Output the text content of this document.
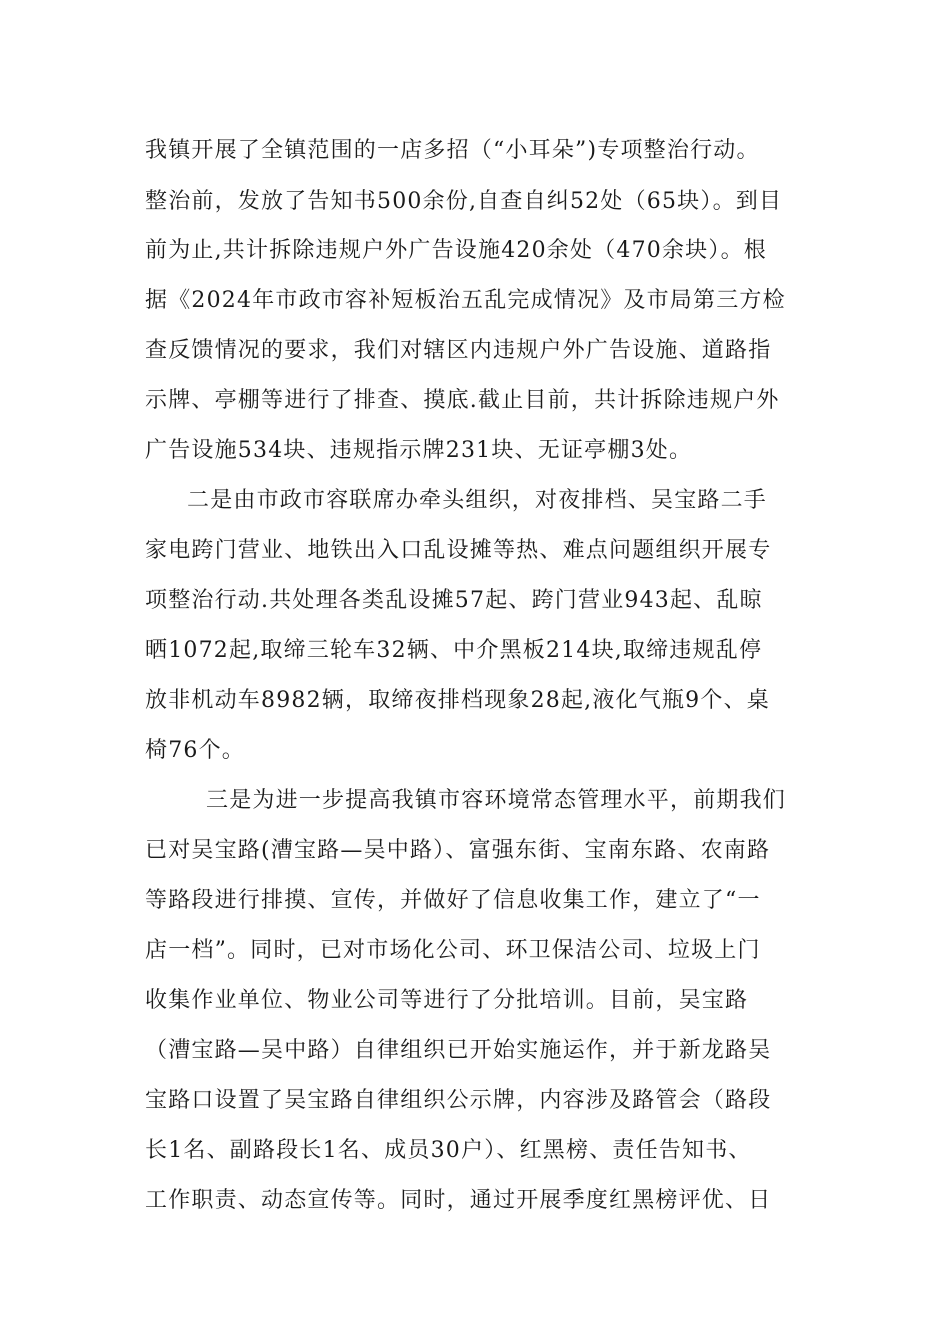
我镇开展了全镇范围的一店多招（“小耳朵”)专项整治行动。
整治前，发放了告知书500余份,自查自纠52处（65块）。到目
前为止,共计拆除违规户外广告设施420余处（470余块）。根
据《2024年市政市容补短板治五乱完成情况》及市局第三方检
查反馈情况的要求，我们对辖区内违规户外广告设施、道路指
示牌、亭棚等进行了排查、摸底.截止目前，共计拆除违规户外
广告设施534块、违规指示牌231块、无证亭棚3处。
二是由市政市容联席办牵头组织，对夜排档、吴宝路二手
家电跨门营业、地铁出入口乱设摊等热、难点问题组织开展专
项整治行动.共处理各类乱设摊57起、跨门营业943起、乱晾
晒1072起,取缔三轮车32辆、中介黑板214块,取缔违规乱停
放非机动车8982辆，取缔夜排档现象28起,液化气瓶9个、桌
椅76个。
三是为进一步提高我镇市容环境常态管理水平，前期我们
已对吴宝路(漕宝路—吴中路）、富强东街、宝南东路、农南路
等路段进行排摸、宣传，并做好了信息收集工作，建立了“一
店一档”。同时，已对市场化公司、环卫保洁公司、垃圾上门
收集作业单位、物业公司等进行了分批培训。目前，吴宝路
（漕宝路—吴中路）自律组织已开始实施运作，并于新龙路吴
宝路口设置了吴宝路自律组织公示牌，内容涉及路管会（路段
长1名、副路段长1名、成员30户）、红黑榜、责任告知书、
工作职责、动态宣传等。同时，通过开展季度红黑榜评优、日
